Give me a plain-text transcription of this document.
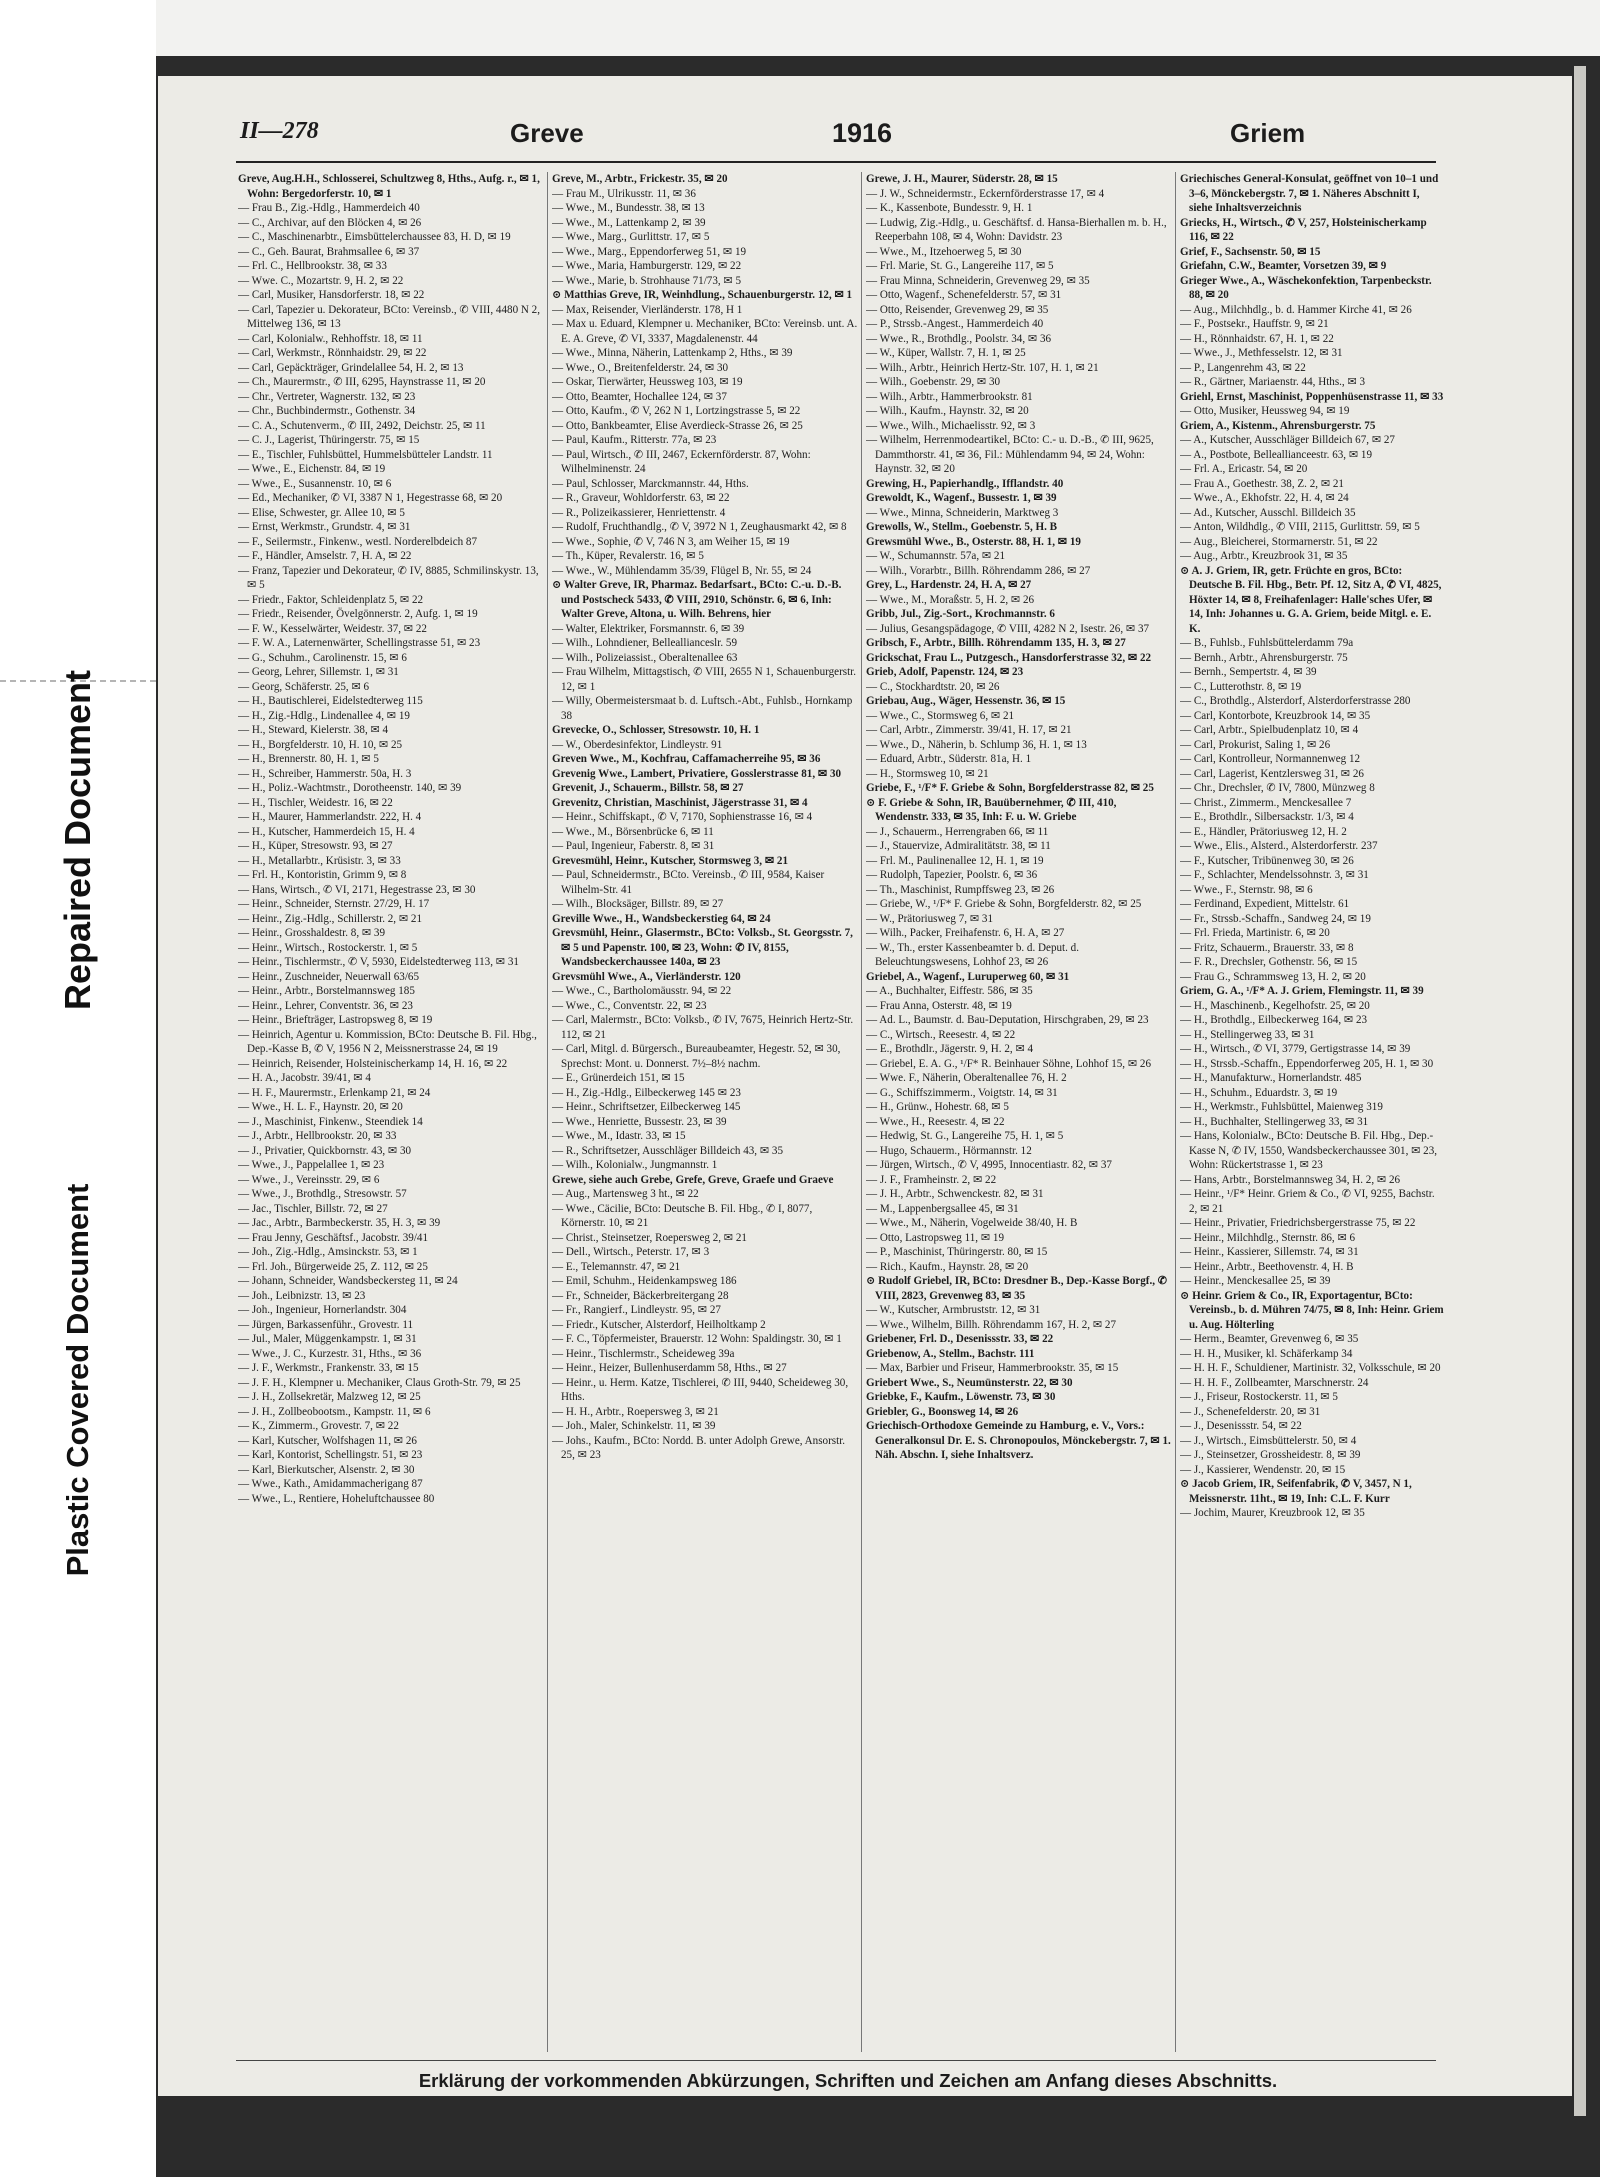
Repaired Document
Plastic Covered Document
II—278	Greve	1916	Griem

Greve, Aug.H.H., Schlosserei, Schultzweg 8, Hths., Aufg. r., ✉ 1, Wohn: Bergedorferstr. 10, ✉ 1

— Frau B., Zig.-Hdlg., Hammerdeich 40

— C., Archivar, auf den Blöcken 4, ✉ 26

— C., Maschinenarbtr., Eimsbüttelerchaussee 83, H. D, ✉ 19

— C., Geh. Baurat, Brahmsallee 6, ✉ 37

— Frl. C., Hellbrookstr. 38, ✉ 33

— Wwe. C., Mozartstr. 9, H. 2, ✉ 22

— Carl, Musiker, Hansdorferstr. 18, ✉ 22

— Carl, Tapezier u. Dekorateur, BCto: Vereinsb., ✆ VIII, 4480 N 2, Mittelweg 136, ✉ 13

— Carl, Kolonialw., Rehhoffstr. 18, ✉ 11

— Carl, Werkmstr., Rönnhaidstr. 29, ✉ 22

— Carl, Gepäckträger, Grindelallee 54, H. 2, ✉ 13

— Ch., Maurermstr., ✆ III, 6295, Haynstrasse 11, ✉ 20

— Chr., Vertreter, Wagnerstr. 132, ✉ 23

— Chr., Buchbindermstr., Gothenstr. 34

— C. A., Schutenverm., ✆ III, 2492, Deichstr. 25, ✉ 11

— C. J., Lagerist, Thüringerstr. 75, ✉ 15

— E., Tischler, Fuhlsbüttel, Hummelsbütteler Landstr. 11

— Wwe., E., Eichenstr. 84, ✉ 19

— Wwe., E., Susannenstr. 10, ✉ 6

— Ed., Mechaniker, ✆ VI, 3387 N 1, Hegestrasse 68, ✉ 20

— Elise, Schwester, gr. Allee 10, ✉ 5

— Ernst, Werkmstr., Grundstr. 4, ✉ 31

— F., Seilermstr., Finkenw., westl. Norderelbdeich 87

— F., Händler, Amselstr. 7, H. A, ✉ 22

— Franz, Tapezier und Dekorateur, ✆ IV, 8885, Schmilinskystr. 13, ✉ 5

— Friedr., Faktor, Schleidenplatz 5, ✉ 22

— Friedr., Reisender, Övelgönnerstr. 2, Aufg. 1, ✉ 19

— F. W., Kesselwärter, Weidestr. 37, ✉ 22

— F. W. A., Laternenwärter, Schellingstrasse 51, ✉ 23

— G., Schuhm., Carolinenstr. 15, ✉ 6

— Georg, Lehrer, Sillemstr. 1, ✉ 31

— Georg, Schäferstr. 25, ✉ 6

— H., Bautischlerei, Eidelstedterweg 115

— H., Zig.-Hdlg., Lindenallee 4, ✉ 19

— H., Steward, Kielerstr. 38, ✉ 4

— H., Borgfelderstr. 10, H. 10, ✉ 25

— H., Brennerstr. 80, H. 1, ✉ 5

— H., Schreiber, Hammerstr. 50a, H. 3

— H., Poliz.-Wachtmstr., Dorotheenstr. 140, ✉ 39

— H., Tischler, Weidestr. 16, ✉ 22

— H., Maurer, Hammerlandstr. 222, H. 4

— H., Kutscher, Hammerdeich 15, H. 4

— H., Küper, Stresowstr. 93, ✉ 27

— H., Metallarbtr., Krüsistr. 3, ✉ 33

— Frl. H., Kontoristin, Grimm 9, ✉ 8

— Hans, Wirtsch., ✆ VI, 2171, Hegestrasse 23, ✉ 30

— Heinr., Schneider, Sternstr. 27/29, H. 17

— Heinr., Zig.-Hdlg., Schillerstr. 2, ✉ 21

— Heinr., Grosshaldestr. 8, ✉ 39

— Heinr., Wirtsch., Rostockerstr. 1, ✉ 5

— Heinr., Tischlermstr., ✆ V, 5930, Eidelstedterweg 113, ✉ 31

— Heinr., Zuschneider, Neuerwall 63/65

— Heinr., Arbtr., Borstelmannsweg 185

— Heinr., Lehrer, Conventstr. 36, ✉ 23

— Heinr., Briefträger, Lastropsweg 8, ✉ 19

— Heinrich, Agentur u. Kommission, BCto: Deutsche B. Fil. Hbg., Dep.-Kasse B, ✆ V, 1956 N 2, Meissnerstrasse 24, ✉ 19

— Heinrich, Reisender, Holsteinischerkamp 14, H. 16, ✉ 22

— H. A., Jacobstr. 39/41, ✉ 4

— H. F., Maurermstr., Erlenkamp 21, ✉ 24

— Wwe., H. L. F., Haynstr. 20, ✉ 20

— J., Maschinist, Finkenw., Steendiek 14

— J., Arbtr., Hellbrookstr. 20, ✉ 33

— J., Privatier, Quickbornstr. 43, ✉ 30

— Wwe., J., Pappelallee 1, ✉ 23

— Wwe., J., Vereinsstr. 29, ✉ 6

— Wwe., J., Brothdlg., Stresowstr. 57

— Jac., Tischler, Billstr. 72, ✉ 27

— Jac., Arbtr., Barmbeckerstr. 35, H. 3, ✉ 39

— Frau Jenny, Geschäftsf., Jacobstr. 39/41

— Joh., Zig.-Hdlg., Amsinckstr. 53, ✉ 1

— Frl. Joh., Bürgerweide 25, Z. 112, ✉ 25

— Johann, Schneider, Wandsbeckersteg 11, ✉ 24

— Joh., Leibnizstr. 13, ✉ 23

— Joh., Ingenieur, Hornerlandstr. 304

— Jürgen, Barkassenführ., Grovestr. 11

— Jul., Maler, Müggenkampstr. 1, ✉ 31

— Wwe., J. C., Kurzestr. 31, Hths., ✉ 36

— J. F., Werkmstr., Frankenstr. 33, ✉ 15

— J. F. H., Klempner u. Mechaniker, Claus Groth-Str. 79, ✉ 25

— J. H., Zollsekretär, Malzweg 12, ✉ 25

— J. H., Zollbeobootsm., Kampstr. 11, ✉ 6

— K., Zimmerm., Grovestr. 7, ✉ 22

— Karl, Kutscher, Wolfshagen 11, ✉ 26

— Karl, Kontorist, Schellingstr. 51, ✉ 23

— Karl, Bierkutscher, Alsenstr. 2, ✉ 30

— Wwe., Kath., Amidammacherigang 87

— Wwe., L., Rentiere, Hoheluftchaussee 80

Greve, M., Arbtr., Frickestr. 35, ✉ 20

— Frau M., Ulrikusstr. 11, ✉ 36

— Wwe., M., Bundesstr. 38, ✉ 13

— Wwe., M., Lattenkamp 2, ✉ 39

— Wwe., Marg., Gurlittstr. 17, ✉ 5

— Wwe., Marg., Eppendorferweg 51, ✉ 19

— Wwe., Maria, Hamburgerstr. 129, ✉ 22

— Wwe., Marie, b. Strohhause 71/73, ✉ 5

⊙ Matthias Greve, IR, Weinhdlung., Schauenburgerstr. 12, ✉ 1

— Max, Reisender, Vierländerstr. 178, H 1

— Max u. Eduard, Klempner u. Mechaniker, BCto: Vereinsb. unt. A. E. A. Greve, ✆ VI, 3337, Magdalenenstr. 44

— Wwe., Minna, Näherin, Lattenkamp 2, Hths., ✉ 39

— Wwe., O., Breitenfelderstr. 24, ✉ 30

— Oskar, Tierwärter, Heussweg 103, ✉ 19

— Otto, Beamter, Hochallee 124, ✉ 37

— Otto, Kaufm., ✆ V, 262 N 1, Lortzingstrasse 5, ✉ 22

— Otto, Bankbeamter, Elise Averdieck-Strasse 26, ✉ 25

— Paul, Kaufm., Ritterstr. 77a, ✉ 23

— Paul, Wirtsch., ✆ III, 2467, Eckernförderstr. 87, Wohn: Wilhelminenstr. 24

— Paul, Schlosser, Marckmannstr. 44, Hths.

— R., Graveur, Wohldorferstr. 63, ✉ 22

— R., Polizeikassierer, Henriettenstr. 4

— Rudolf, Fruchthandlg., ✆ V, 3972 N 1, Zeughausmarkt 42, ✉ 8

— Wwe., Sophie, ✆ V, 746 N 3, am Weiher 15, ✉ 19

— Th., Küper, Revalerstr. 16, ✉ 5

— Wwe., W., Mühlendamm 35/39, Flügel B, Nr. 55, ✉ 24

⊙ Walter Greve, IR, Pharmaz. Bedarfsart., BCto: C.-u. D.-B. und Postscheck 5433, ✆ VIII, 2910, Schönstr. 6, ✉ 6, Inh: Walter Greve, Altona, u. Wilh. Behrens, hier

— Walter, Elektriker, Forsmannstr. 6, ✉ 39

— Wilh., Lohndiener, Belleallianceslr. 59

— Wilh., Polizeiassist., Oberaltenallee 63

— Frau Wilhelm, Mittagstisch, ✆ VIII, 2655 N 1, Schauenburgerstr. 12, ✉ 1

— Willy, Obermeistersmaat b. d. Luftsch.-Abt., Fuhlsb., Hornkamp 38

Grevecke, O., Schlosser, Stresowstr. 10, H. 1

— W., Oberdesinfektor, Lindleystr. 91

Greven Wwe., M., Kochfrau, Caffamacherreihe 95, ✉ 36

Grevenig Wwe., Lambert, Privatiere, Gosslerstrasse 81, ✉ 30

Grevenit, J., Schauerm., Billstr. 58, ✉ 27

Grevenitz, Christian, Maschinist, Jägerstrasse 31, ✉ 4

— Heinr., Schiffskapt., ✆ V, 7170, Sophienstrasse 16, ✉ 4

— Wwe., M., Börsenbrücke 6, ✉ 11

— Paul, Ingenieur, Faberstr. 8, ✉ 31

Grevesmühl, Heinr., Kutscher, Stormsweg 3, ✉ 21

— Paul, Schneidermstr., BCto. Vereinsb., ✆ III, 9584, Kaiser Wilhelm-Str. 41

— Wilh., Blocksäger, Billstr. 89, ✉ 27

Greville Wwe., H., Wandsbeckerstieg 64, ✉ 24

Grevsmühl, Heinr., Glasermstr., BCto: Volksb., St. Georgsstr. 7, ✉ 5 und Papenstr. 100, ✉ 23, Wohn: ✆ IV, 8155, Wandsbeckerchaussee 140a, ✉ 23

Grevsmühl Wwe., A., Vierländerstr. 120

— Wwe., C., Bartholomäusstr. 94, ✉ 22

— Wwe., C., Conventstr. 22, ✉ 23

— Carl, Malermstr., BCto: Volksb., ✆ IV, 7675, Heinrich Hertz-Str. 112, ✉ 21

— Carl, Mitgl. d. Bürgersch., Bureaubeamter, Hegestr. 52, ✉ 30, Sprechst: Mont. u. Donnerst. 7½–8½ nachm.

— E., Grünerdeich 151, ✉ 15

— H., Zig.-Hdlg., Eilbeckerweg 145 ✉ 23

— Heinr., Schriftsetzer, Eilbeckerweg 145

— Wwe., Henriette, Bussestr. 23, ✉ 39

— Wwe., M., Idastr. 33, ✉ 15

— R., Schriftsetzer, Ausschläger Billdeich 43, ✉ 35

— Wilh., Kolonialw., Jungmannstr. 1

Grewe, siehe auch Grebe, Grefe, Greve, Graefe und Graeve

— Aug., Martensweg 3 ht., ✉ 22

— Wwe., Cäcilie, BCto: Deutsche B. Fil. Hbg., ✆ I, 8077, Körnerstr. 10, ✉ 21

— Christ., Steinsetzer, Roepersweg 2, ✉ 21

— Dell., Wirtsch., Peterstr. 17, ✉ 3

— E., Telemannstr. 47, ✉ 21

— Emil, Schuhm., Heidenkampsweg 186

— Fr., Schneider, Bäckerbreitergang 28

— Fr., Rangierf., Lindleystr. 95, ✉ 27

— Friedr., Kutscher, Alsterdorf, Heilholtkamp 2

— F. C., Töpfermeister, Brauerstr. 12 Wohn: Spaldingstr. 30, ✉ 1

— Heinr., Tischlermstr., Scheideweg 39a

— Heinr., Heizer, Bullenhuserdamm 58, Hths., ✉ 27

— Heinr., u. Herm. Katze, Tischlerei, ✆ III, 9440, Scheideweg 30, Hths.

— H. H., Arbtr., Roepersweg 3, ✉ 21

— Joh., Maler, Schinkelstr. 11, ✉ 39

— Johs., Kaufm., BCto: Nordd. B. unter Adolph Grewe, Ansorstr. 25, ✉ 23

Grewe, J. H., Maurer, Süderstr. 28, ✉ 15

— J. W., Schneidermstr., Eckernförderstrasse 17, ✉ 4

— K., Kassenbote, Bundesstr. 9, H. 1

— Ludwig, Zig.-Hdlg., u. Geschäftsf. d. Hansa-Bierhallen m. b. H., Reeperbahn 108, ✉ 4, Wohn: Davidstr. 23

— Wwe., M., Itzehoerweg 5, ✉ 30

— Frl. Marie, St. G., Langereihe 117, ✉ 5

— Frau Minna, Schneiderin, Grevenweg 29, ✉ 35

— Otto, Wagenf., Schenefelderstr. 57, ✉ 31

— Otto, Reisender, Grevenweg 29, ✉ 35

— P., Strssb.-Angest., Hammerdeich 40

— Wwe., R., Brothdlg., Poolstr. 34, ✉ 36

— W., Küper, Wallstr. 7, H. 1, ✉ 25

— Wilh., Arbtr., Heinrich Hertz-Str. 107, H. 1, ✉ 21

— Wilh., Goebenstr. 29, ✉ 30

— Wilh., Arbtr., Hammerbrookstr. 81

— Wilh., Kaufm., Haynstr. 32, ✉ 20

— Wwe., Wilh., Michaelisstr. 92, ✉ 3

— Wilhelm, Herrenmodeartikel, BCto: C.- u. D.-B., ✆ III, 9625, Dammthorstr. 41, ✉ 36, Fil.: Mühlendamm 94, ✉ 24, Wohn: Haynstr. 32, ✉ 20

Grewing, H., Papierhandlg., Ifflandstr. 40

Grewoldt, K., Wagenf., Bussestr. 1, ✉ 39

— Wwe., Minna, Schneiderin, Marktweg 3

Grewolls, W., Stellm., Goebenstr. 5, H. B

Grewsmühl Wwe., B., Osterstr. 88, H. 1, ✉ 19

— W., Schumannstr. 57a, ✉ 21

— Wilh., Vorarbtr., Billh. Röhrendamm 286, ✉ 27

Grey, L., Hardenstr. 24, H. A, ✉ 27

— Wwe., M., Moraßstr. 5, H. 2, ✉ 26

Gribb, Jul., Zig.-Sort., Krochmannstr. 6

— Julius, Gesangspädagoge, ✆ VIII, 4282 N 2, Isestr. 26, ✉ 37

Gribsch, F., Arbtr., Billh. Röhrendamm 135, H. 3, ✉ 27

Grickschat, Frau L., Putzgesch., Hansdorferstrasse 32, ✉ 22

Grieb, Adolf, Papenstr. 124, ✉ 23

— C., Stockhardtstr. 20, ✉ 26

Griebau, Aug., Wäger, Hessenstr. 36, ✉ 15

— Wwe., C., Stormsweg 6, ✉ 21

— Carl, Arbtr., Zimmerstr. 39/41, H. 17, ✉ 21

— Wwe., D., Näherin, b. Schlump 36, H. 1, ✉ 13

— Eduard, Arbtr., Süderstr. 81a, H. 1

— H., Stormsweg 10, ✉ 21

Griebe, F., ¹/F* F. Griebe & Sohn, Borgfelderstrasse 82, ✉ 25

⊙ F. Griebe & Sohn, IR, Bauübernehmer, ✆ III, 410, Wendenstr. 333, ✉ 35, Inh: F. u. W. Griebe

— J., Schauerm., Herrengraben 66, ✉ 11

— J., Stauervize, Admiralitätstr. 38, ✉ 11

— Frl. M., Paulinenallee 12, H. 1, ✉ 19

— Rudolph, Tapezier, Poolstr. 6, ✉ 36

— Th., Maschinist, Rumpffsweg 23, ✉ 26

— Griebe, W., ¹/F* F. Griebe & Sohn, Borgfelderstr. 82, ✉ 25

— W., Prätoriusweg 7, ✉ 31

— Wilh., Packer, Freihafenstr. 6, H. A, ✉ 27

— W., Th., erster Kassenbeamter b. d. Deput. d. Beleuchtungswesens, Lohhof 23, ✉ 26

Griebel, A., Wagenf., Luruperweg 60, ✉ 31

— A., Buchhalter, Eiffestr. 586, ✉ 35

— Frau Anna, Osterstr. 48, ✉ 19

— Ad. L., Baumstr. d. Bau-Deputation, Hirschgraben, 29, ✉ 23

— C., Wirtsch., Reesestr. 4, ✉ 22

— E., Brothdlr., Jägerstr. 9, H. 2, ✉ 4

— Griebel, E. A. G., ¹/F* R. Beinhauer Söhne, Lohhof 15, ✉ 26

— Wwe. F., Näherin, Oberaltenallee 76, H. 2

— G., Schiffszimmerm., Voigtstr. 14, ✉ 31

— H., Grünw., Hohestr. 68, ✉ 5

— Wwe., H., Reesestr. 4, ✉ 22

— Hedwig, St. G., Langereihe 75, H. 1, ✉ 5

— Hugo, Schauerm., Hörmannstr. 12

— Jürgen, Wirtsch., ✆ V, 4995, Innocentiastr. 82, ✉ 37

— J. F., Framheinstr. 2, ✉ 22

— J. H., Arbtr., Schwenckestr. 82, ✉ 31

— M., Lappenbergsallee 45, ✉ 31

— Wwe., M., Näherin, Vogelweide 38/40, H. B

— Otto, Lastropsweg 11, ✉ 19

— P., Maschinist, Thüringerstr. 80, ✉ 15

— Rich., Kaufm., Haynstr. 28, ✉ 20

⊙ Rudolf Griebel, IR, BCto: Dresdner B., Dep.-Kasse Borgf., ✆ VIII, 2823, Grevenweg 83, ✉ 35

— W., Kutscher, Armbruststr. 12, ✉ 31

— Wwe., Wilhelm, Billh. Röhrendamm 167, H. 2, ✉ 27

Griebener, Frl. D., Desenissstr. 33, ✉ 22

Griebenow, A., Stellm., Bachstr. 111

— Max, Barbier und Friseur, Hammerbrookstr. 35, ✉ 15

Griebert Wwe., S., Neumünsterstr. 22, ✉ 30

Griebke, F., Kaufm., Löwenstr. 73, ✉ 30

Griebler, G., Boonsweg 14, ✉ 26

Griechisch-Orthodoxe Gemeinde zu Hamburg, e. V., Vors.: Generalkonsul Dr. E. S. Chronopoulos, Mönckebergstr. 7, ✉ 1. Näh. Abschn. I, siehe Inhaltsverz.

Griechisches General-Konsulat, geöffnet von 10–1 und 3–6, Mönckebergstr. 7, ✉ 1. Näheres Abschnitt I, siehe Inhaltsverzeichnis

Griecks, H., Wirtsch., ✆ V, 257, Holsteinischerkamp 116, ✉ 22

Grief, F., Sachsenstr. 50, ✉ 15

Griefahn, C.W., Beamter, Vorsetzen 39, ✉ 9

Grieger Wwe., A., Wäschekonfektion, Tarpenbeckstr. 88, ✉ 20

— Aug., Milchhdlg., b. d. Hammer Kirche 41, ✉ 26

— F., Postsekr., Hauffstr. 9, ✉ 21

— H., Rönnhaidstr. 67, H. 1, ✉ 22

— Wwe., J., Methfesselstr. 12, ✉ 31

— P., Langenrehm 43, ✉ 22

— R., Gärtner, Mariaenstr. 44, Hths., ✉ 3

Griehl, Ernst, Maschinist, Poppenhüsenstrasse 11, ✉ 33

— Otto, Musiker, Heussweg 94, ✉ 19

Griem, A., Kistenm., Ahrensburgerstr. 75

— A., Kutscher, Ausschläger Billdeich 67, ✉ 27

— A., Postbote, Belleallianceestr. 63, ✉ 19

— Frl. A., Ericastr. 54, ✉ 20

— Frau A., Goethestr. 38, Z. 2, ✉ 21

— Wwe., A., Ekhofstr. 22, H. 4, ✉ 24

— Ad., Kutscher, Ausschl. Billdeich 35

— Anton, Wildhdlg., ✆ VIII, 2115, Gurlittstr. 59, ✉ 5

— Aug., Bleicherei, Stormarnerstr. 51, ✉ 22

— Aug., Arbtr., Kreuzbrook 31, ✉ 35

⊙ A. J. Griem, IR, getr. Früchte en gros, BCto: Deutsche B. Fil. Hbg., Betr. Pf. 12, Sitz A, ✆ VI, 4825, Höxter 14, ✉ 8, Freihafenlager: Halle'sches Ufer, ✉ 14, Inh: Johannes u. G. A. Griem, beide Mitgl. e. E. K.

— B., Fuhlsb., Fuhlsbüttelerdamm 79a

— Bernh., Arbtr., Ahrensburgerstr. 75

— Bernh., Sempertstr. 4, ✉ 39

— C., Lutterothstr. 8, ✉ 19

— C., Brothdlg., Alsterdorf, Alsterdorferstrasse 280

— Carl, Kontorbote, Kreuzbrook 14, ✉ 35

— Carl, Arbtr., Spielbudenplatz 10, ✉ 4

— Carl, Prokurist, Saling 1, ✉ 26

— Carl, Kontrolleur, Normannenweg 12

— Carl, Lagerist, Kentzlersweg 31, ✉ 26

— Chr., Drechsler, ✆ IV, 7800, Münzweg 8

— Christ., Zimmerm., Menckesallee 7

— E., Brothdlr., Silbersackstr. 1/3, ✉ 4

— E., Händler, Prätoriusweg 12, H. 2

— Wwe., Elis., Alsterd., Alsterdorferstr. 237

— F., Kutscher, Tribünenweg 30, ✉ 26

— F., Schlachter, Mendelssohnstr. 3, ✉ 31

— Wwe., F., Sternstr. 98, ✉ 6

— Ferdinand, Expedient, Mittelstr. 61

— Fr., Strssb.-Schaffn., Sandweg 24, ✉ 19

— Frl. Frieda, Martinistr. 6, ✉ 20

— Fritz, Schauerm., Brauerstr. 33, ✉ 8

— F. R., Drechsler, Gothenstr. 56, ✉ 15

— Frau G., Schrammsweg 13, H. 2, ✉ 20

Griem, G. A., ¹/F* A. J. Griem, Flemingstr. 11, ✉ 39

— H., Maschinenb., Kegelhofstr. 25, ✉ 20

— H., Brothdlg., Eilbeckerweg 164, ✉ 23

— H., Stellingerweg 33, ✉ 31

— H., Wirtsch., ✆ VI, 3779, Gertigstrasse 14, ✉ 39

— H., Strssb.-Schaffn., Eppendorferweg 205, H. 1, ✉ 30

— H., Manufakturw., Hornerlandstr. 485

— H., Schuhm., Eduardstr. 3, ✉ 19

— H., Werkmstr., Fuhlsbüttel, Maienweg 319

— H., Buchhalter, Stellingerweg 33, ✉ 31

— Hans, Kolonialw., BCto: Deutsche B. Fil. Hbg., Dep.-Kasse N, ✆ IV, 1550, Wandsbeckerchaussee 301, ✉ 23, Wohn: Rückertstrasse 1, ✉ 23

— Hans, Arbtr., Borstelmannsweg 34, H. 2, ✉ 26

— Heinr., ¹/F* Heinr. Griem & Co., ✆ VI, 9255, Bachstr. 2, ✉ 21

— Heinr., Privatier, Friedrichsbergerstrasse 75, ✉ 22

— Heinr., Milchhdlg., Sternstr. 86, ✉ 6

— Heinr., Kassierer, Sillemstr. 74, ✉ 31

— Heinr., Arbtr., Beethovenstr. 4, H. B

— Heinr., Menckesallee 25, ✉ 39

⊙ Heinr. Griem & Co., IR, Exportagentur, BCto: Vereinsb., b. d. Mühren 74/75, ✉ 8, Inh: Heinr. Griem u. Aug. Hölterling

— Herm., Beamter, Grevenweg 6, ✉ 35

— H. H., Musiker, kl. Schäferkamp 34

— H. H. F., Schuldiener, Martinistr. 32, Volksschule, ✉ 20

— H. H. F., Zollbeamter, Marschnerstr. 24

— J., Friseur, Rostockerstr. 11, ✉ 5

— J., Schenefelderstr. 20, ✉ 31

— J., Desenissstr. 54, ✉ 22

— J., Wirtsch., Eimsbüttelerstr. 50, ✉ 4

— J., Steinsetzer, Grossheidestr. 8, ✉ 39

— J., Kassierer, Wendenstr. 20, ✉ 15

⊙ Jacob Griem, IR, Seifenfabrik, ✆ V, 3457, N 1, Meissnerstr. 11ht., ✉ 19, Inh: C.L. F. Kurr

— Jochim, Maurer, Kreuzbrook 12, ✉ 35

Erklärung der vorkommenden Abkürzungen, Schriften und Zeichen am Anfang dieses Abschnitts.
